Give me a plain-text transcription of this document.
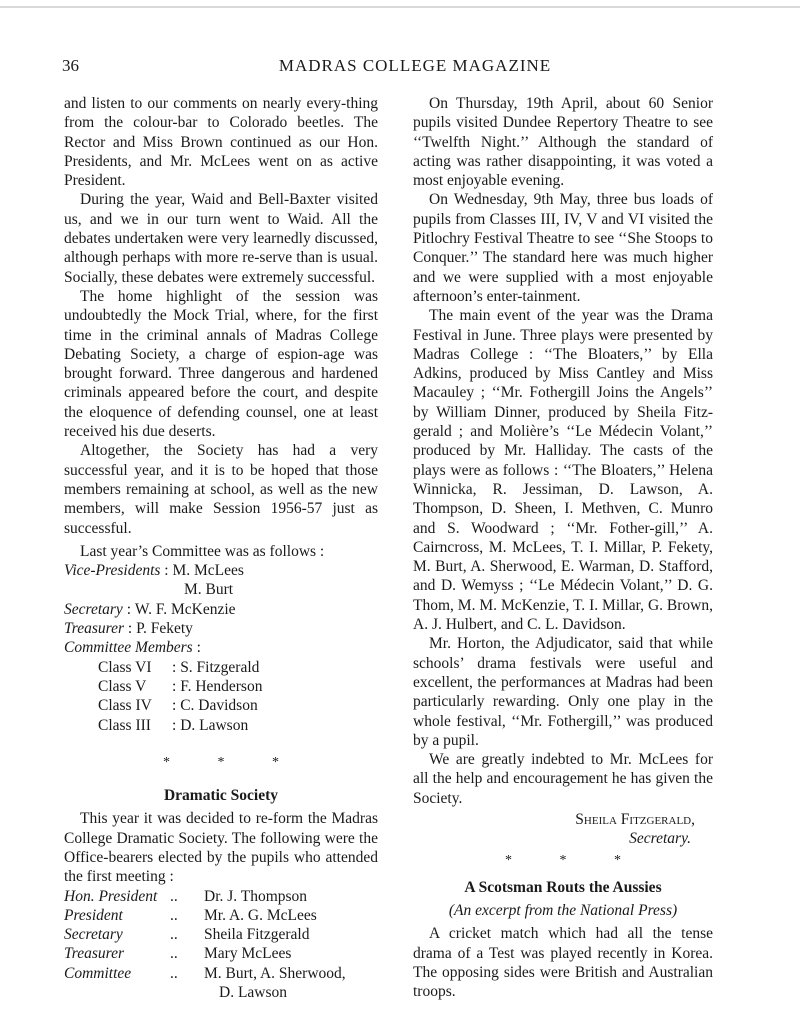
36	MADRAS COLLEGE MAGAZINE

and listen to our comments on nearly every-thing from the colour-bar to Colorado beetles. The Rector and Miss Brown continued as our Hon. Presidents, and Mr. McLees went on as active President.

During the year, Waid and Bell-Baxter visited us, and we in our turn went to Waid. All the debates undertaken were very learnedly discussed, although perhaps with more re-serve than is usual. Socially, these debates were extremely successful.

The home highlight of the session was undoubtedly the Mock Trial, where, for the first time in the criminal annals of Madras College Debating Society, a charge of espion-age was brought forward. Three dangerous and hardened criminals appeared before the court, and despite the eloquence of defending counsel, one at least received his due deserts.

Altogether, the Society has had a very successful year, and it is to be hoped that those members remaining at school, as well as the new members, will make Session 1956-57 just as successful.

Last year’s Committee was as follows :

Vice-Presidents : M. McLees
M. Burt
Secretary : W. F. McKenzie
Treasurer : P. Fekety
Committee Members :
Class VI	: S. Fitzgerald
Class V	: F. Henderson
Class IV	: C. Davidson
Class III	: D. Lawson
* * *
Dramatic Society

This year it was decided to re-form the Madras College Dramatic Society. The following were the Office-bearers elected by the pupils who attended the first meeting :

Hon. President ..	Dr. J. Thompson
President	..	Mr. A. G. McLees
Secretary	..	Sheila Fitzgerald
Treasurer	..	Mary McLees
Committee	..	M. Burt, A. Sherwood,
D. Lawson

On Thursday, 19th April, about 60 Senior pupils visited Dundee Repertory Theatre to see ‘‘Twelfth Night.’’ Although the standard of acting was rather disappointing, it was voted a most enjoyable evening.

On Wednesday, 9th May, three bus loads of pupils from Classes III, IV, V and VI visited the Pitlochry Festival Theatre to see ‘‘She Stoops to Conquer.’’ The standard here was much higher and we were supplied with a most enjoyable afternoon’s enter-tainment.

The main event of the year was the Drama Festival in June. Three plays were presented by Madras College : ‘‘The Bloaters,’’ by Ella Adkins, produced by Miss Cantley and Miss Macauley ; ‘‘Mr. Fothergill Joins the Angels’’ by William Dinner, produced by Sheila Fitz-gerald ; and Molière’s ‘‘Le Médecin Volant,’’ produced by Mr. Halliday. The casts of the plays were as follows : ‘‘The Bloaters,’’ Helena Winnicka, R. Jessiman, D. Lawson, A. Thompson, D. Sheen, I. Methven, C. Munro and S. Woodward ; ‘‘Mr. Fother-gill,’’ A. Cairncross, M. McLees, T. I. Millar, P. Fekety, M. Burt, A. Sherwood, E. Warman, D. Stafford, and D. Wemyss ; ‘‘Le Médecin Volant,’’ D. G. Thom, M. M. McKenzie, T. I. Millar, G. Brown, A. J. Hulbert, and C. L. Davidson.

Mr. Horton, the Adjudicator, said that while schools’ drama festivals were useful and excellent, the performances at Madras had been particularly rewarding. Only one play in the whole festival, ‘‘Mr. Fothergill,’’ was produced by a pupil.

We are greatly indebted to Mr. McLees for all the help and encouragement he has given the Society.

Sheila Fitzgerald,
Secretary.
* * *
A Scotsman Routs the Aussies
(An excerpt from the National Press)

A cricket match which had all the tense drama of a Test was played recently in Korea. The opposing sides were British and Australian troops.
